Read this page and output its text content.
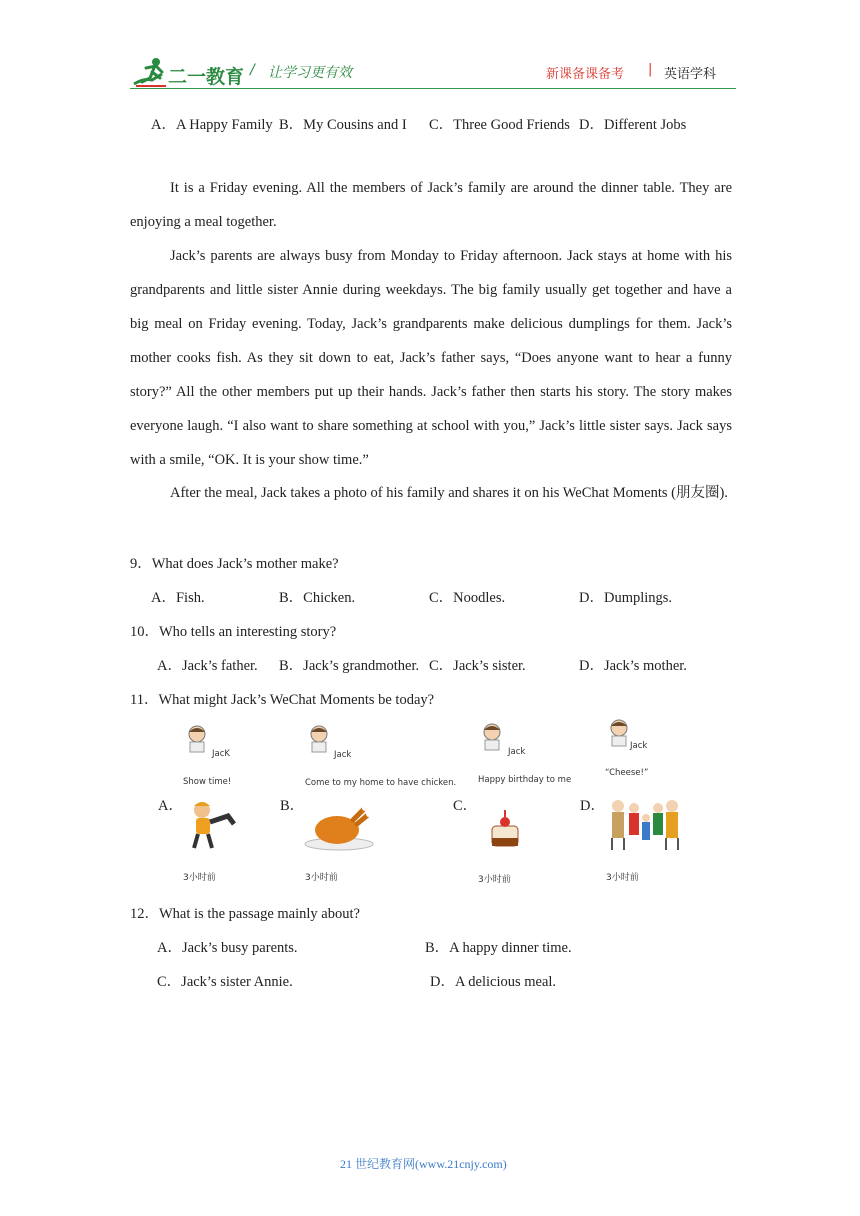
二一教育 / 让学习更有效	新课备课备考 | 英语学科
A．A Happy Family B．My Cousins and I C．Three Good Friends D．Different Jobs
It is a Friday evening. All the members of Jack’s family are around the dinner table. They are enjoying a meal together.
Jack’s parents are always busy from Monday to Friday afternoon. Jack stays at home with his grandparents and little sister Annie during weekdays. The big family usually get together and have a big meal on Friday evening. Today, Jack’s grandparents make delicious dumplings for them. Jack’s mother cooks fish. As they sit down to eat, Jack’s father says, “Does anyone want to hear a funny story?” All the other members put up their hands. Jack’s father then starts his story. The story makes everyone laugh. “I also want to share something at school with you,” Jack’s little sister says. Jack says with a smile, “OK. It is your show time.”
After the meal, Jack takes a photo of his family and shares it on his WeChat Moments (朋友圈).
9．What does Jack’s mother make?
A．Fish.	B．Chicken.	C．Noodles.	D．Dumplings.
10．Who tells an interesting story?
A．Jack’s father. B．Jack’s grandmother. C．Jack’s sister.	D．Jack’s mother.
11．What might Jack’s WeChat Moments be today?
JacK
Show time!
A．
3小时前
Jack
Come to my home to have chicken.
B．
3小时前
Jack
Happy birthday to me
C．
3小时前
Jack
“Cheese!”
D．
3小时前
12．What is the passage mainly about?
A．Jack’s busy parents.	B．A happy dinner time.
C．Jack’s sister Annie.	D．A delicious meal.
21 世纪教育网(www.21cnjy.com)
